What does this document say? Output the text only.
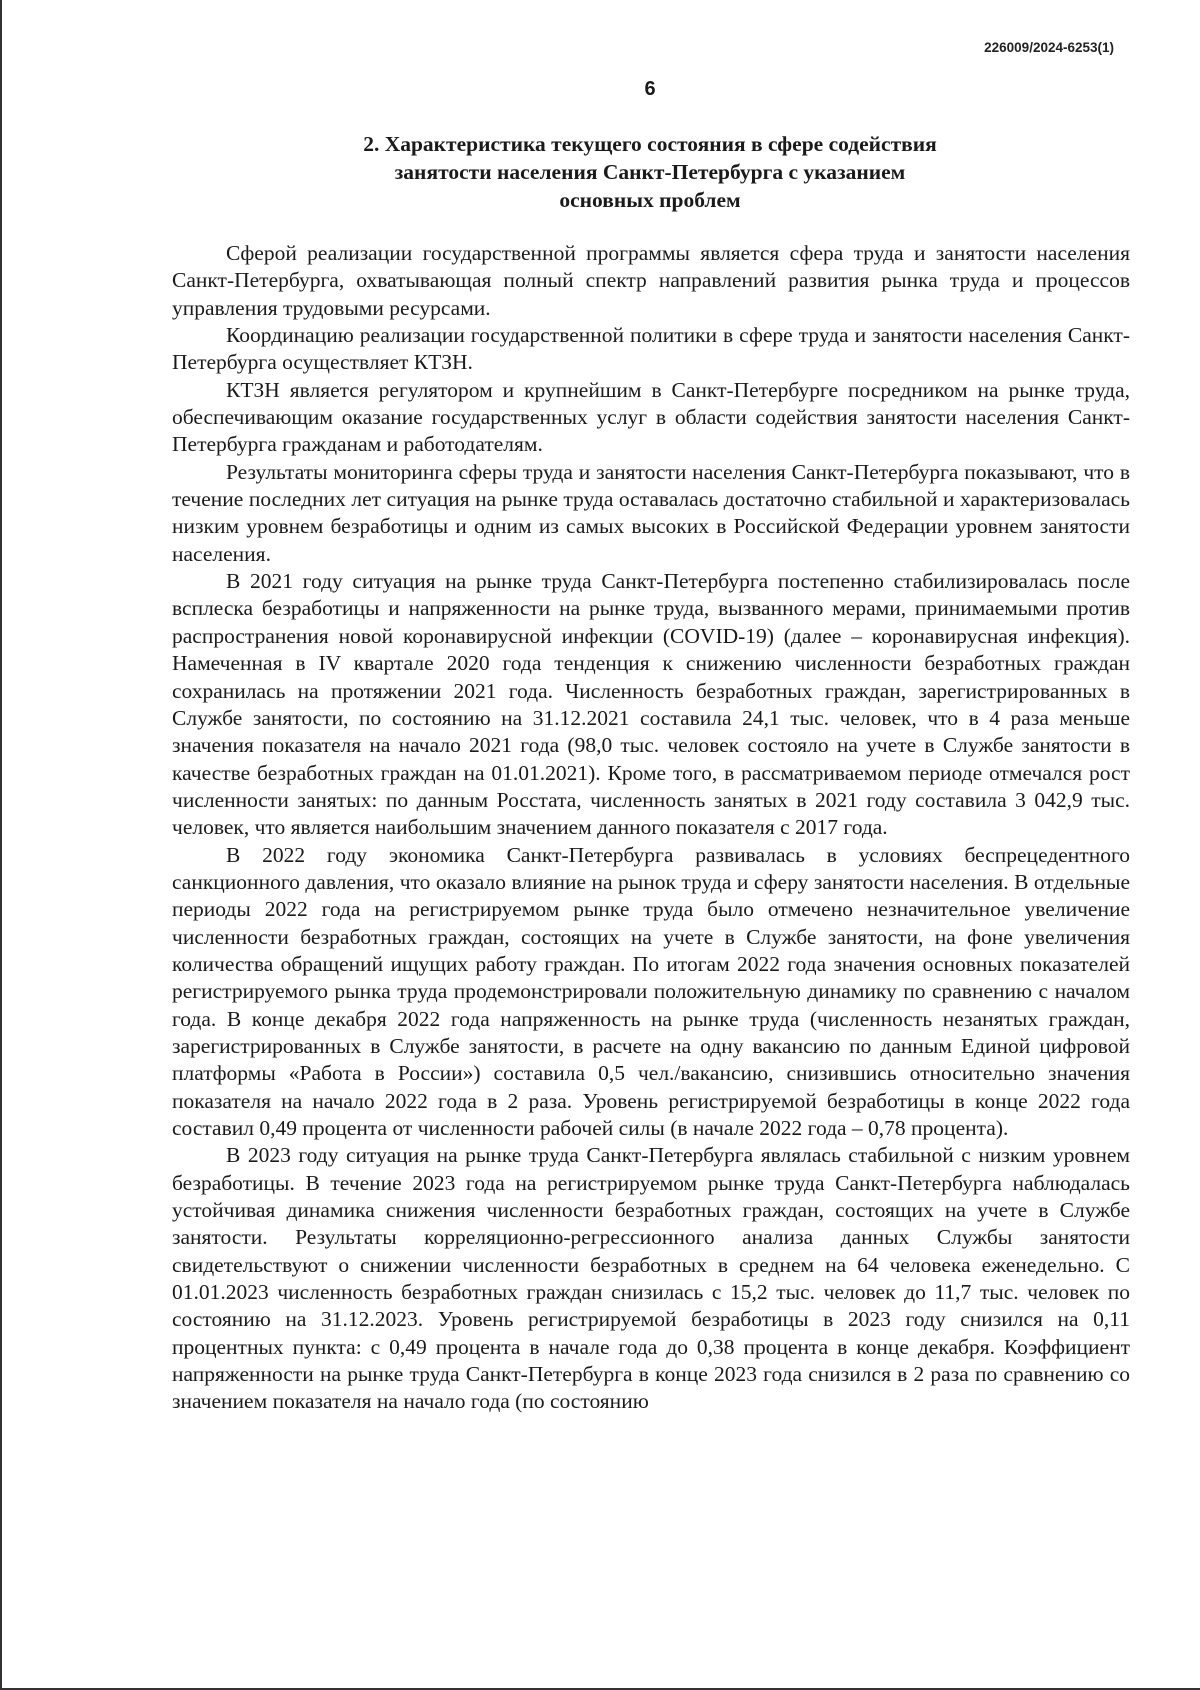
226009/2024-6253(1)
6
2. Характеристика текущего состояния в сфере содействия
занятости населения Санкт-Петербурга с указанием
основных проблем

Сферой реализации государственной программы является сфера труда и занятости населения Санкт-Петербурга, охватывающая полный спектр направлений развития рынка труда и процессов управления трудовыми ресурсами.

Координацию реализации государственной политики в сфере труда и занятости населения Санкт-Петербурга осуществляет КТЗН.

КТЗН является регулятором и крупнейшим в Санкт-Петербурге посредником на рынке труда, обеспечивающим оказание государственных услуг в области содействия занятости населения Санкт-Петербурга гражданам и работодателям.

Результаты мониторинга сферы труда и занятости населения Санкт-Петербурга показывают, что в течение последних лет ситуация на рынке труда оставалась достаточно стабильной и характеризовалась низким уровнем безработицы и одним из самых высоких в Российской Федерации уровнем занятости населения.

В 2021 году ситуация на рынке труда Санкт-Петербурга постепенно стабилизировалась после всплеска безработицы и напряженности на рынке труда, вызванного мерами, принимаемыми против распространения новой коронавирусной инфекции (COVID-19) (далее – коронавирусная инфекция). Намеченная в IV квартале 2020 года тенденция к снижению численности безработных граждан сохранилась на протяжении 2021 года. Численность безработных граждан, зарегистрированных в Службе занятости, по состоянию на 31.12.2021 составила 24,1 тыс. человек, что в 4 раза меньше значения показателя на начало 2021 года (98,0 тыс. человек состояло на учете в Службе занятости в качестве безработных граждан на 01.01.2021). Кроме того, в рассматриваемом периоде отмечался рост численности занятых: по данным Росстата, численность занятых в 2021 году составила 3 042,9 тыс. человек, что является наибольшим значением данного показателя с 2017 года.

В 2022 году экономика Санкт-Петербурга развивалась в условиях беспрецедентного санкционного давления, что оказало влияние на рынок труда и сферу занятости населения. В отдельные периоды 2022 года на регистрируемом рынке труда было отмечено незначительное увеличение численности безработных граждан, состоящих на учете в Службе занятости, на фоне увеличения количества обращений ищущих работу граждан. По итогам 2022 года значения основных показателей регистрируемого рынка труда продемонстрировали положительную динамику по сравнению с началом года. В конце декабря 2022 года напряженность на рынке труда (численность незанятых граждан, зарегистрированных в Службе занятости, в расчете на одну вакансию по данным Единой цифровой платформы «Работа в России») составила 0,5 чел./вакансию, снизившись относительно значения показателя на начало 2022 года в 2 раза. Уровень регистрируемой безработицы в конце 2022 года составил 0,49 процента от численности рабочей силы (в начале 2022 года – 0,78 процента).

В 2023 году ситуация на рынке труда Санкт-Петербурга являлась стабильной с низким уровнем безработицы. В течение 2023 года на регистрируемом рынке труда Санкт-Петербурга наблюдалась устойчивая динамика снижения численности безработных граждан, состоящих на учете в Службе занятости. Результаты корреляционно-регрессионного анализа данных Службы занятости свидетельствуют о снижении численности безработных в среднем на 64 человека еженедельно. С 01.01.2023 численность безработных граждан снизилась с 15,2 тыс. человек до 11,7 тыс. человек по состоянию на 31.12.2023. Уровень регистрируемой безработицы в 2023 году снизился на 0,11 процентных пункта: с 0,49 процента в начале года до 0,38 процента в конце декабря. Коэффициент напряженности на рынке труда Санкт-Петербурга в конце 2023 года снизился в 2 раза по сравнению со значением показателя на начало года (по состоянию
